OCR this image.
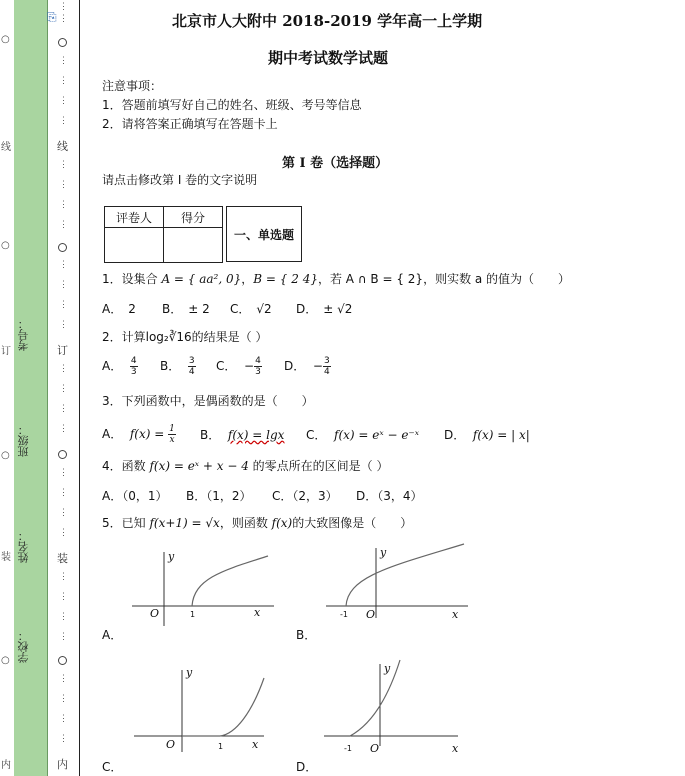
○
线
○
订
○
装
○
内
学校：
姓名：
班级：
考号：
⎘
⋮
⋮
⋮
⋮
⋮
⋮
线
⋮
⋮
⋮
⋮
⋮
⋮
⋮
⋮
订
⋮
⋮
⋮
⋮
⋮
⋮
⋮
⋮
装
⋮
⋮
⋮
⋮
⋮
⋮
⋮
⋮
内
北京市人大附中 2018-2019 学年高一上学期
期中考试数学试题
注意事项：
1．答题前填写好自己的姓名、班级、考号等信息
2．请将答案正确填写在答题卡上
第 I 卷（选择题）
请点击修改第 I 卷的文字说明
评卷人	得分

一、单选题
1．设集合 A = { aa², 0}，B = { 2 4}，若 A ∩ B = { 2}，则实数 a 的值为（　　）
A．　2 B．　± 2 C．　√2 D．　± √2
2．计算log₂∛16的结果是（ ）
A． $\frac{4}{3}$ B． $\frac{3}{4}$ C． − $\frac{4}{3}$ D． − $\frac{3}{4}$
3．下列函数中，是偶函数的是（　　）
A． $f(x) = \frac{1}{x}$ B． f(x) = lgx C． f(x) = eˣ − e⁻ˣ D． f(x) = | x|
4．函数 f(x) = eˣ + x − 4 的零点所在的区间是（ ）
A．（0，1） B．（1，2） C．（2，3） D．（3，4）
5．已知 f(x+1) = √x，则函数 f(x)的大致图像是（　　）
A．	B．
C．	D．
y
x
O	1
y
x
O
-1
y
x
O	1
y
x
O
-1
